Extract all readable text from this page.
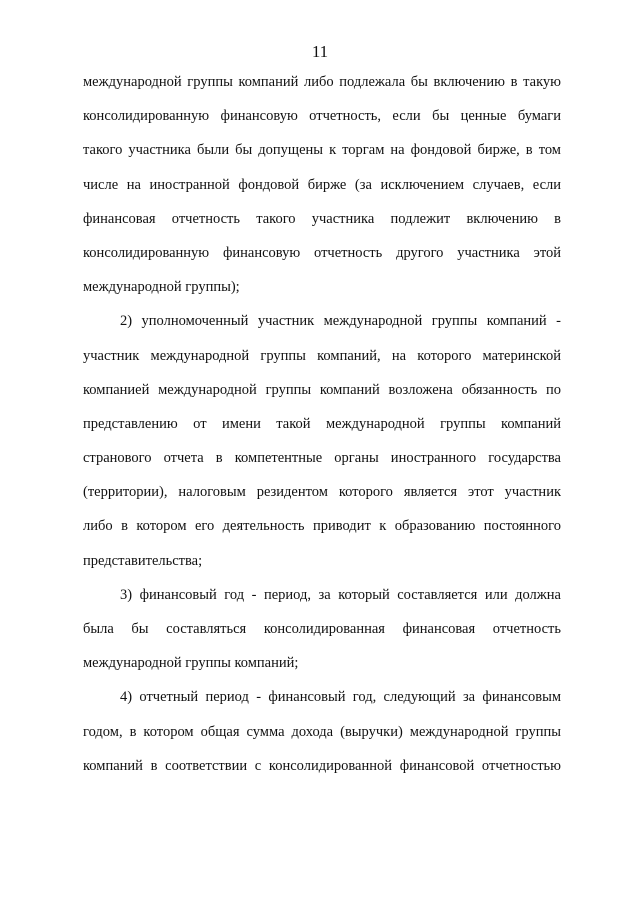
11
международной группы компаний либо подлежала бы включению в такую
консолидированную финансовую отчетность, если бы ценные бумаги
такого участника были бы допущены к торгам на фондовой бирже, в том
числе на иностранной фондовой бирже (за исключением случаев, если
финансовая отчетность такого участника подлежит включению в
консолидированную финансовую отчетность другого участника этой
международной группы);
2) уполномоченный участник международной группы компаний -
участник международной группы компаний, на которого материнской
компанией международной группы компаний возложена обязанность по
представлению от имени такой международной группы компаний
странового отчета в компетентные органы иностранного государства
(территории), налоговым резидентом которого является этот участник
либо в котором его деятельность приводит к образованию постоянного
представительства;
3) финансовый год - период, за который составляется или должна
была бы составляться консолидированная финансовая отчетность
международной группы компаний;
4) отчетный период - финансовый год, следующий за финансовым
годом, в котором общая сумма дохода (выручки) международной группы
компаний в соответствии с консолидированной финансовой отчетностью
